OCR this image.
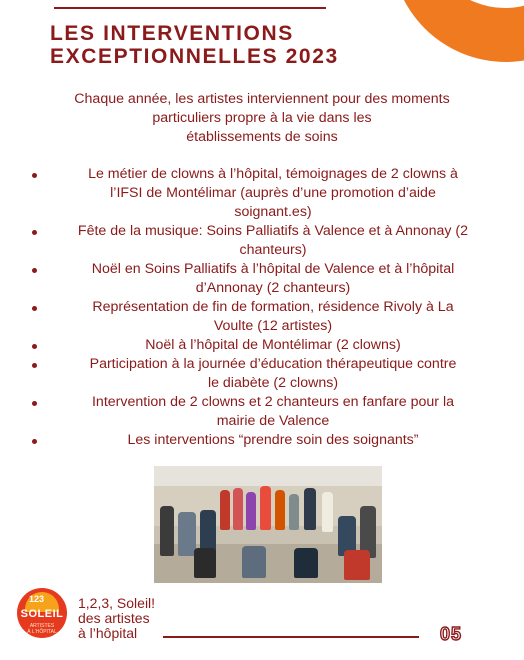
LES INTERVENTIONS
EXCEPTIONNELLES 2023
Chaque année, les artistes interviennent pour des moments
particuliers propre à la vie dans les
établissements de soins
Le métier de clowns à l’hôpital, témoignages de 2 clowns à
l’IFSI de Montélimar (auprès d’une promotion d’aide
soignant.es)
Fête de la musique: Soins Palliatifs à Valence et à Annonay (2
chanteurs)
Noël en Soins Palliatifs à l’hôpital de Valence et à l’hôpital
d’Annonay (2 chanteurs)
Représentation de fin de formation, résidence Rivoly à La
Voulte (12 artistes)
Noël à l’hôpital de Montélimar (2 clowns)
Participation à la journée d’éducation thérapeutique contre
le diabète (2 clowns)
Intervention de 2 clowns et 2 chanteurs en fanfare pour la
mairie de Valence
Les interventions “prendre soin des soignants”
123
SOLEIL
ARTISTES
À L'HÔPITAL

1,2,3, Soleil!
des artistes
à l’hôpital	05
